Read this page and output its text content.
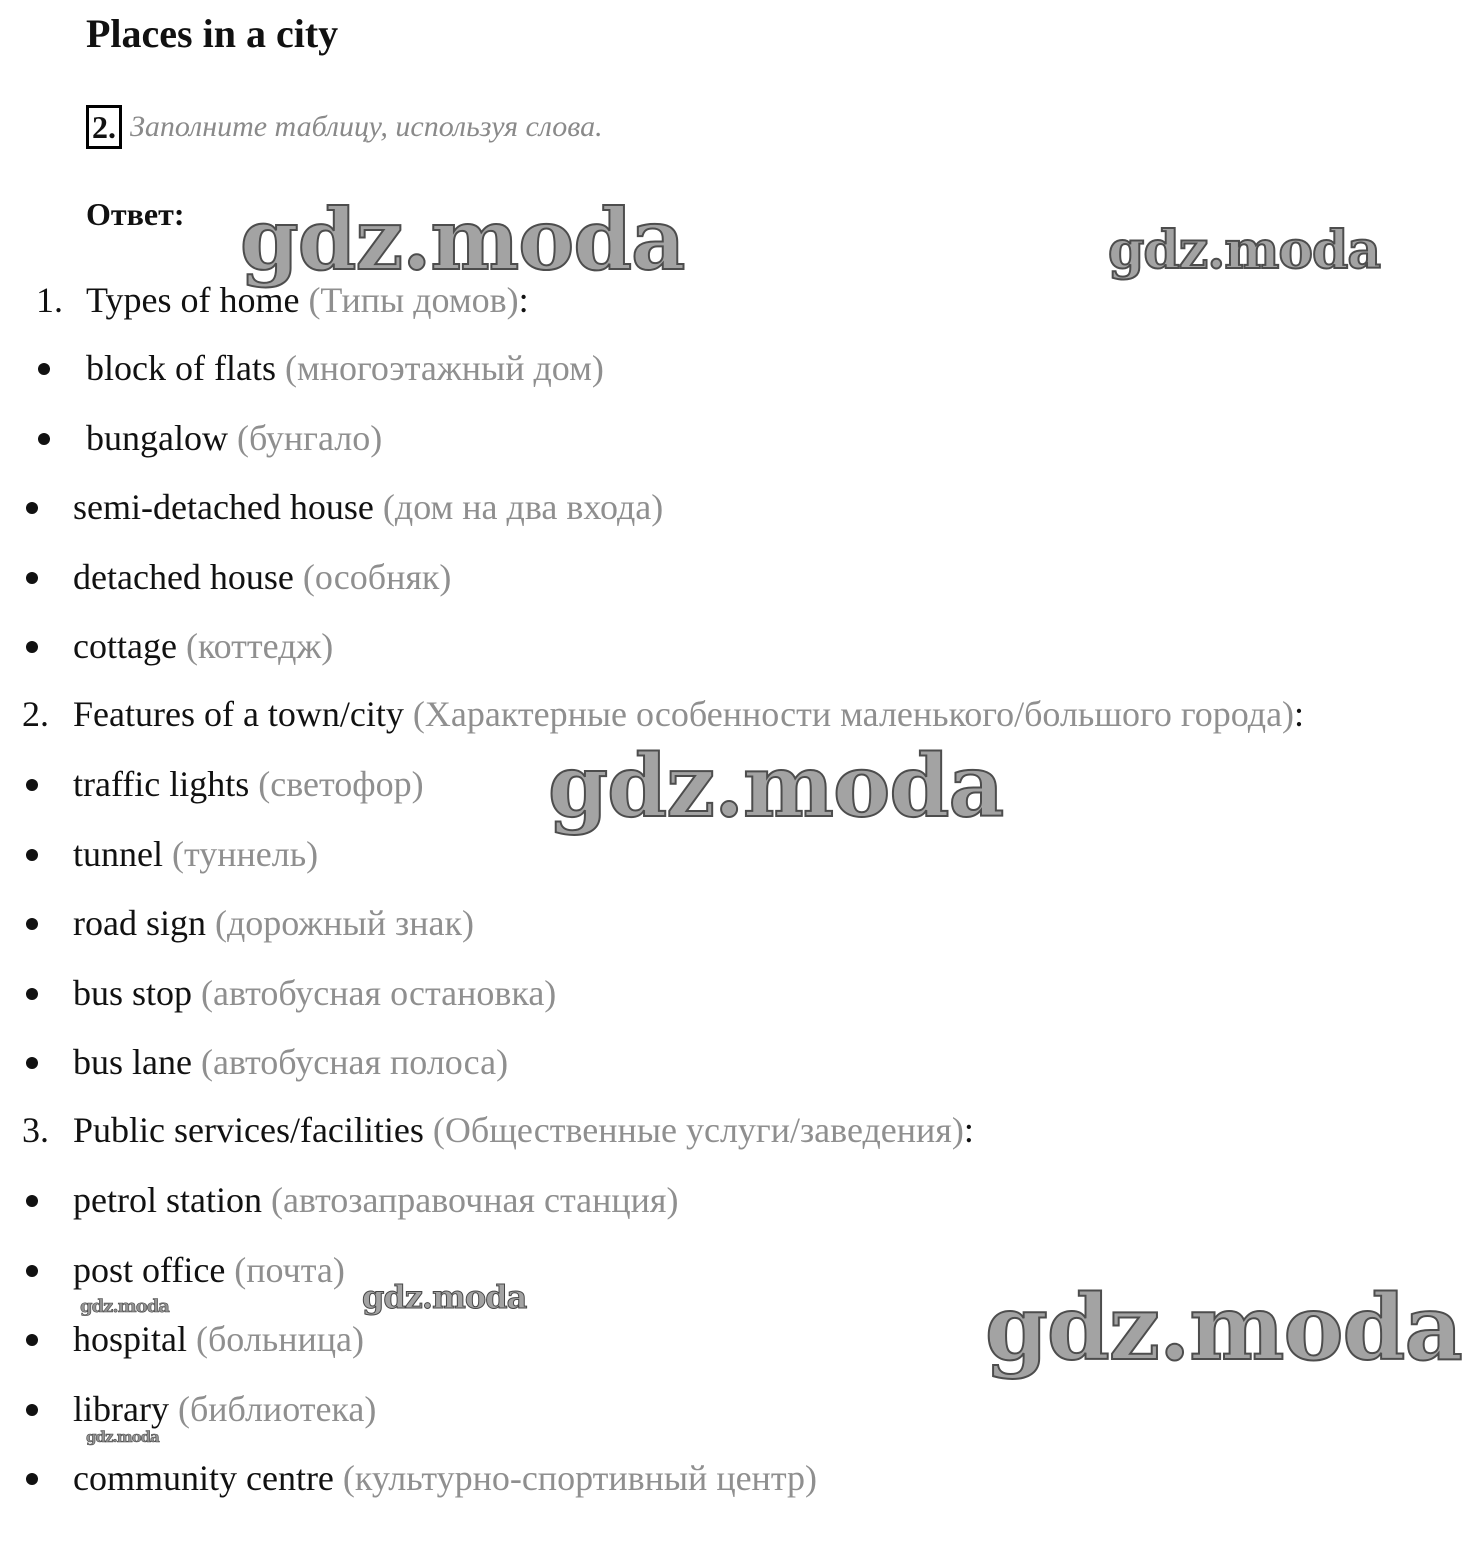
Places in a city
2. Заполните таблицу, используя слова.
Ответ:
1. Types of home (Типы домов):
block of flats (многоэтажный дом)
bungalow (бунгало)
semi-detached house (дом на два входа)
detached house (особняк)
cottage (коттедж)
2. Features of a town/city (Характерные особенности маленького/большого города):
traffic lights (светофор)
tunnel (туннель)
road sign (дорожный знак)
bus stop (автобусная остановка)
bus lane (автобусная полоса)
3. Public services/facilities (Общественные услуги/заведения):
petrol station (автозаправочная станция)
post office (почта)
hospital (больница)
library (библиотека)
community centre (культурно-спортивный центр)
gdz.moda	gdz.moda
gdz.moda
gdz.moda
gdz.moda
gdz.moda
gdz.moda
